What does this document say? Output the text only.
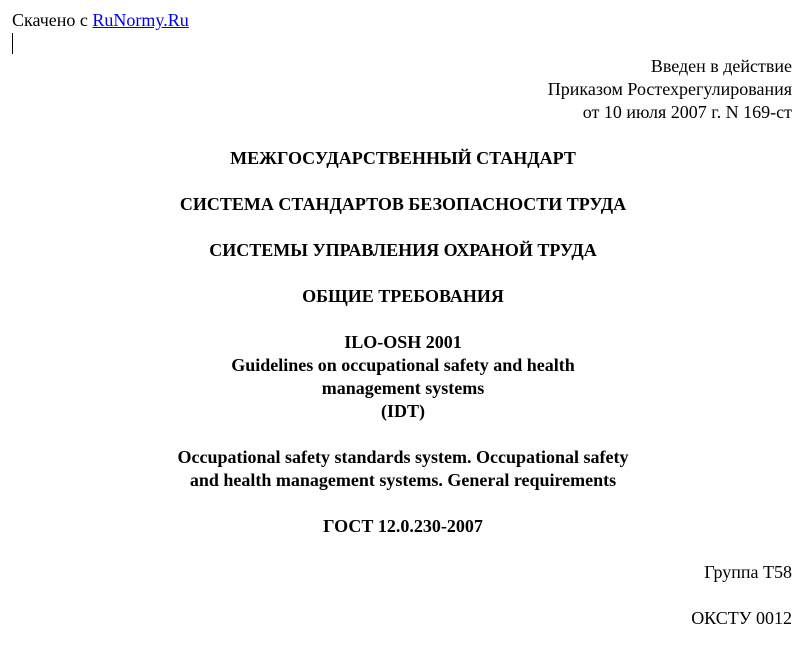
Скачено с RuNormy.Ru
Введен в действие
Приказом Ростехрегулирования
от 10 июля 2007 г. N 169-ст
МЕЖГОСУДАРСТВЕННЫЙ СТАНДАРТ
СИСТЕМА СТАНДАРТОВ БЕЗОПАСНОСТИ ТРУДА
СИСТЕМЫ УПРАВЛЕНИЯ ОХРАНОЙ ТРУДА
ОБЩИЕ ТРЕБОВАНИЯ
ILO-OSH 2001
Guidelines on occupational safety and health
management systems
(IDT)
Occupational safety standards system. Occupational safety
and health management systems. General requirements
ГОСТ 12.0.230-2007
Группа Т58
ОКСТУ 0012
